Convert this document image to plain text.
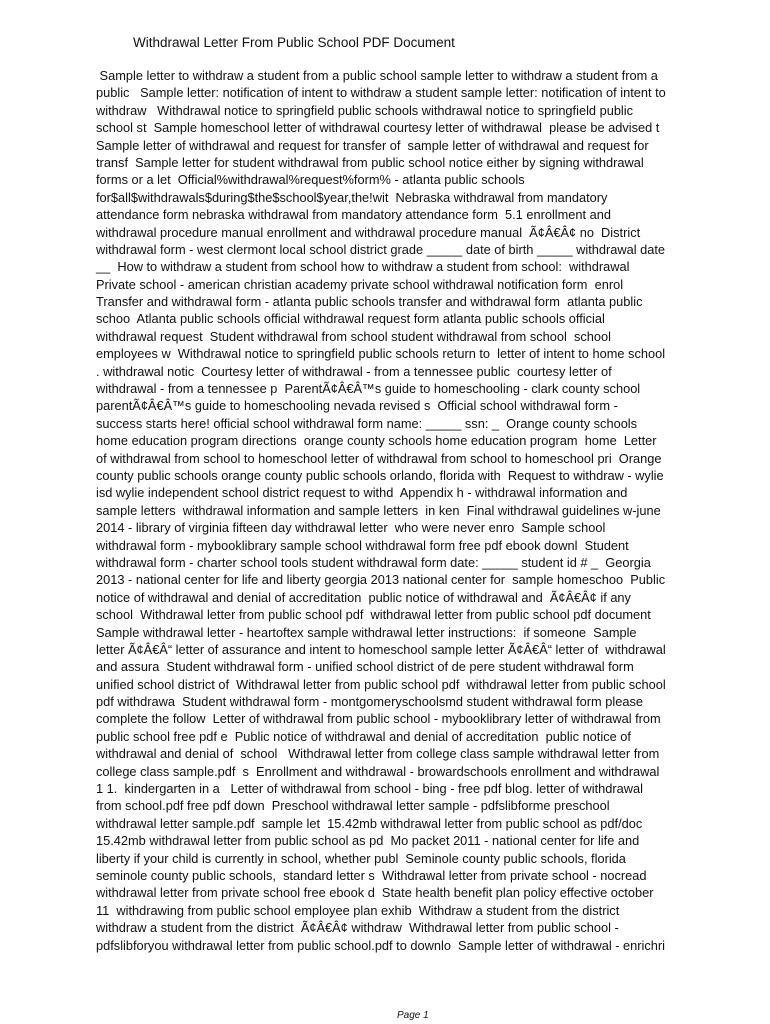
Withdrawal Letter From Public School PDF Document
Sample letter to withdraw a student from a public school sample letter to withdraw a student from a
public   Sample letter: notification of intent to withdraw a student sample letter: notification of intent to
withdraw   Withdrawal notice to springfield public schools withdrawal notice to springfield public
school st  Sample homeschool letter of withdrawal courtesy letter of withdrawal  please be advised t
Sample letter of withdrawal and request for transfer of  sample letter of withdrawal and request for
transf  Sample letter for student withdrawal from public school notice either by signing withdrawal
forms or a let  Official%withdrawal%request%form% - atlanta public schools
for$all$withdrawals$during$the$school$year,the!wit  Nebraska withdrawal from mandatory
attendance form nebraska withdrawal from mandatory attendance form  5.1 enrollment and
withdrawal procedure manual enrollment and withdrawal procedure manual  Ã¢Â€Â¢ no  District
withdrawal form - west clermont local school district grade _____ date of birth _____ withdrawal date
__  How to withdraw a student from school how to withdraw a student from school:  withdrawal
Private school - american christian academy private school withdrawal notification form  enrol
Transfer and withdrawal form - atlanta public schools transfer and withdrawal form  atlanta public
schoo  Atlanta public schools official withdrawal request form atlanta public schools official
withdrawal request  Student withdrawal from school student withdrawal from school  school
employees w  Withdrawal notice to springfield public schools return to  letter of intent to home school
. withdrawal notic  Courtesy letter of withdrawal - from a tennessee public  courtesy letter of
withdrawal - from a tennessee p  ParentÃ¢Â€Â™s guide to homeschooling - clark county school
parentÃ¢Â€Â™s guide to homeschooling nevada revised s  Official school withdrawal form -
success starts here! official school withdrawal form name: _____ ssn: _  Orange county schools
home education program directions  orange county schools home education program  home  Letter
of withdrawal from school to homeschool letter of withdrawal from school to homeschool pri  Orange
county public schools orange county public schools orlando, florida with  Request to withdraw - wylie
isd wylie independent school district request to withd  Appendix h - withdrawal information and
sample letters  withdrawal information and sample letters  in ken  Final withdrawal guidelines w-june
2014 - library of virginia fifteen day withdrawal letter  who were never enro  Sample school
withdrawal form - mybooklibrary sample school withdrawal form free pdf ebook downl  Student
withdrawal form - charter school tools student withdrawal form date: _____ student id # _  Georgia
2013 - national center for life and liberty georgia 2013 national center for  sample homeschoo  Public
notice of withdrawal and denial of accreditation  public notice of withdrawal and  Ã¢Â€Â¢ if any
school  Withdrawal letter from public school pdf  withdrawal letter from public school pdf document
Sample withdrawal letter - heartoftex sample withdrawal letter instructions:  if someone  Sample
letter Ã¢Â€Â“ letter of assurance and intent to homeschool sample letter Ã¢Â€Â“ letter of  withdrawal
and assura  Student withdrawal form - unified school district of de pere student withdrawal form
unified school district of  Withdrawal letter from public school pdf  withdrawal letter from public school
pdf withdrawa  Student withdrawal form - montgomeryschoolsmd student withdrawal form please
complete the follow  Letter of withdrawal from public school - mybooklibrary letter of withdrawal from
public school free pdf e  Public notice of withdrawal and denial of accreditation  public notice of
withdrawal and denial of  school   Withdrawal letter from college class sample withdrawal letter from
college class sample.pdf  s  Enrollment and withdrawal - browardschools enrollment and withdrawal
1 1.  kindergarten in a   Letter of withdrawal from school - bing - free pdf blog. letter of withdrawal
from school.pdf free pdf down  Preschool withdrawal letter sample - pdfslibforme preschool
withdrawal letter sample.pdf  sample let  15.42mb withdrawal letter from public school as pdf/doc
15.42mb withdrawal letter from public school as pd  Mo packet 2011 - national center for life and
liberty if your child is currently in school, whether publ  Seminole county public schools, florida
seminole county public schools,  standard letter s  Withdrawal letter from private school - nocread
withdrawal letter from private school free ebook d  State health benefit plan policy effective october
11  withdrawing from public school employee plan exhib  Withdraw a student from the district
withdraw a student from the district  Ã¢Â€Â¢ withdraw  Withdrawal letter from public school -
pdfslibforyou withdrawal letter from public school.pdf to downlo  Sample letter of withdrawal - enrichri
Page 1
